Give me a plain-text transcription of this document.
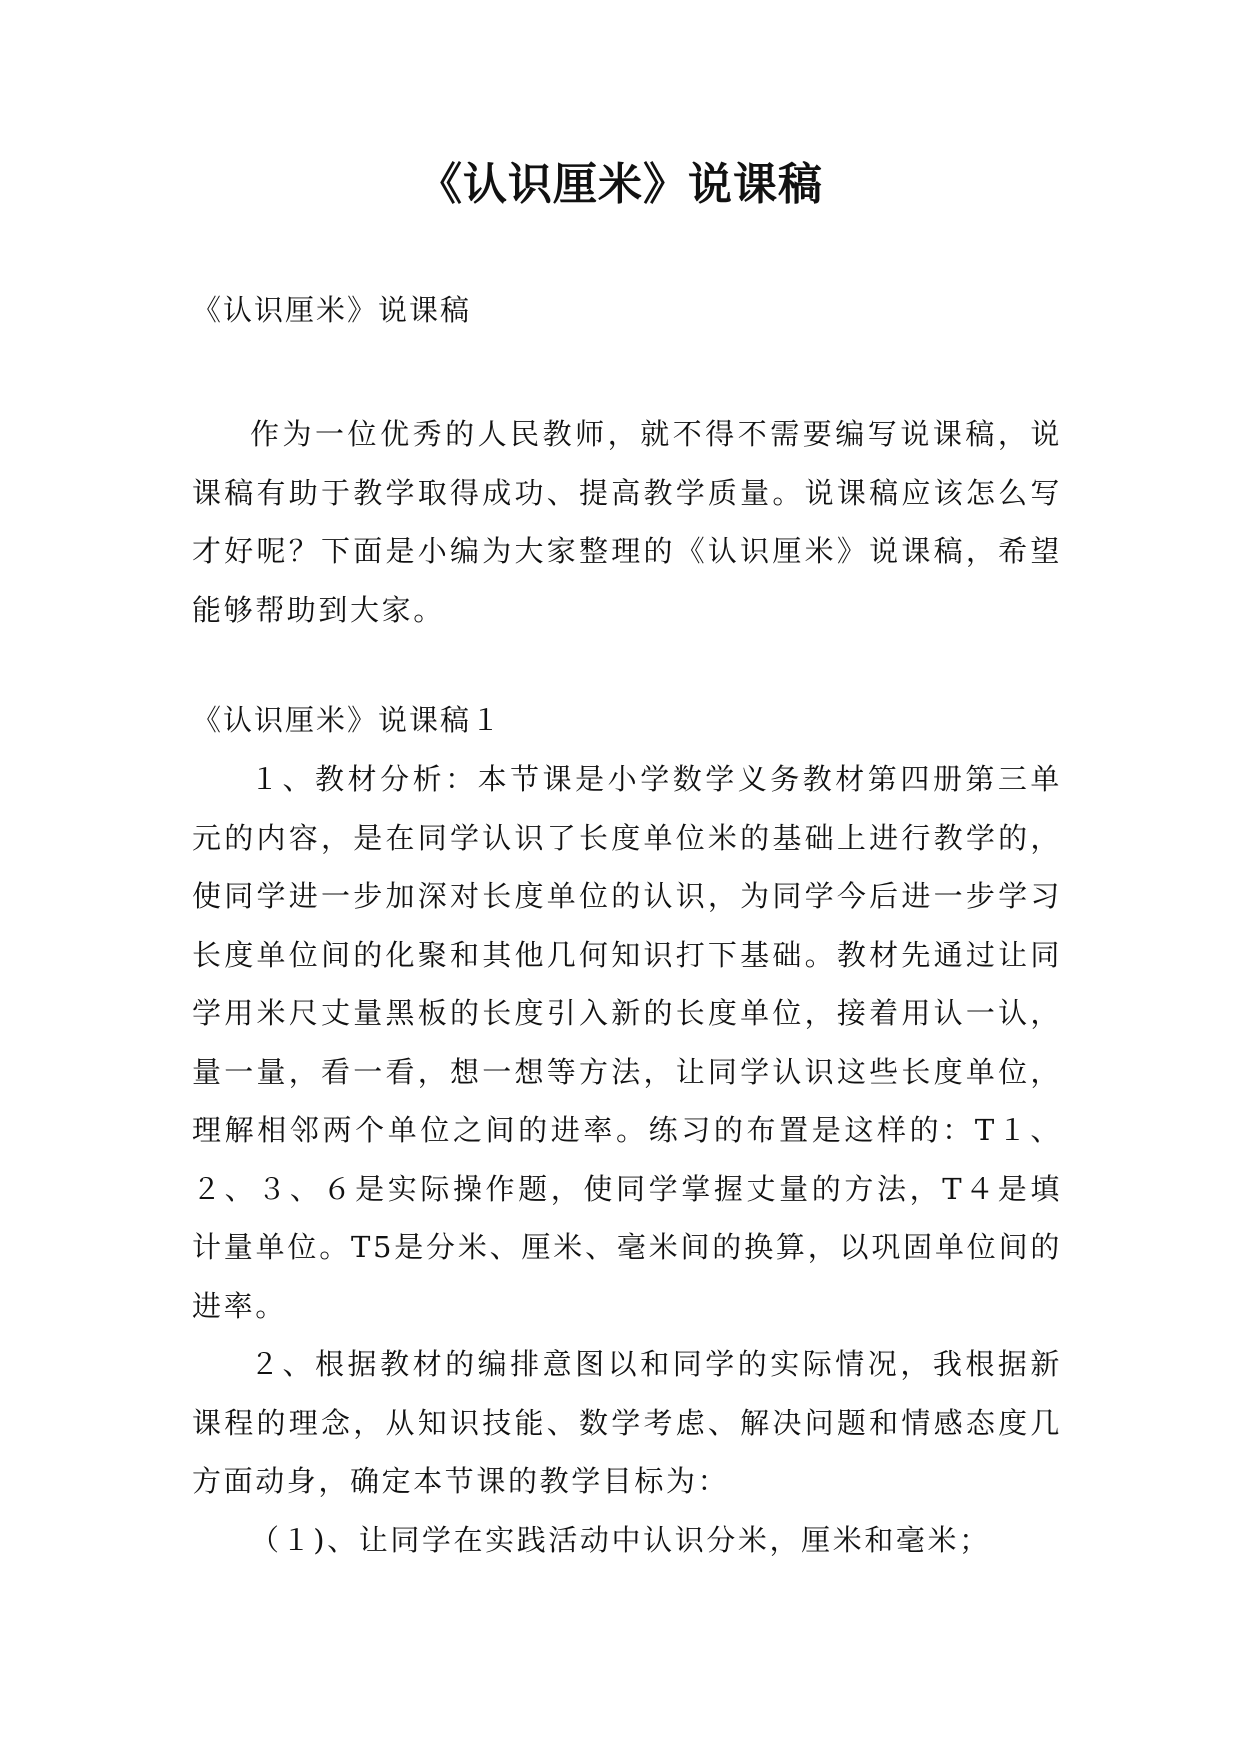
《认识厘米》说课稿
《认识厘米》说课稿

作为一位优秀的人民教师，就不得不需要编写说课稿，说课稿有助于教学取得成功、提高教学质量。说课稿应该怎么写才好呢？下面是小编为大家整理的《认识厘米》说课稿，希望能够帮助到大家。

《认识厘米》说课稿１

１、教材分析：本节课是小学数学义务教材第四册第三单元的内容，是在同学认识了长度单位米的基础上进行教学的，使同学进一步加深对长度单位的认识，为同学今后进一步学习长度单位间的化聚和其他几何知识打下基础。教材先通过让同学用米尺丈量黑板的长度引入新的长度单位，接着用认一认，量一量，看一看，想一想等方法，让同学认识这些长度单位，理解相邻两个单位之间的进率。练习的布置是这样的：T１、２、３、６是实际操作题，使同学掌握丈量的方法，T４是填计量单位。T5是分米、厘米、毫米间的换算，以巩固单位间的进率。

２、根据教材的编排意图以和同学的实际情况，我根据新课程的理念，从知识技能、数学考虑、解决问题和情感态度几方面动身，确定本节课的教学目标为：

（１)、让同学在实践活动中认识分米，厘米和毫米；
